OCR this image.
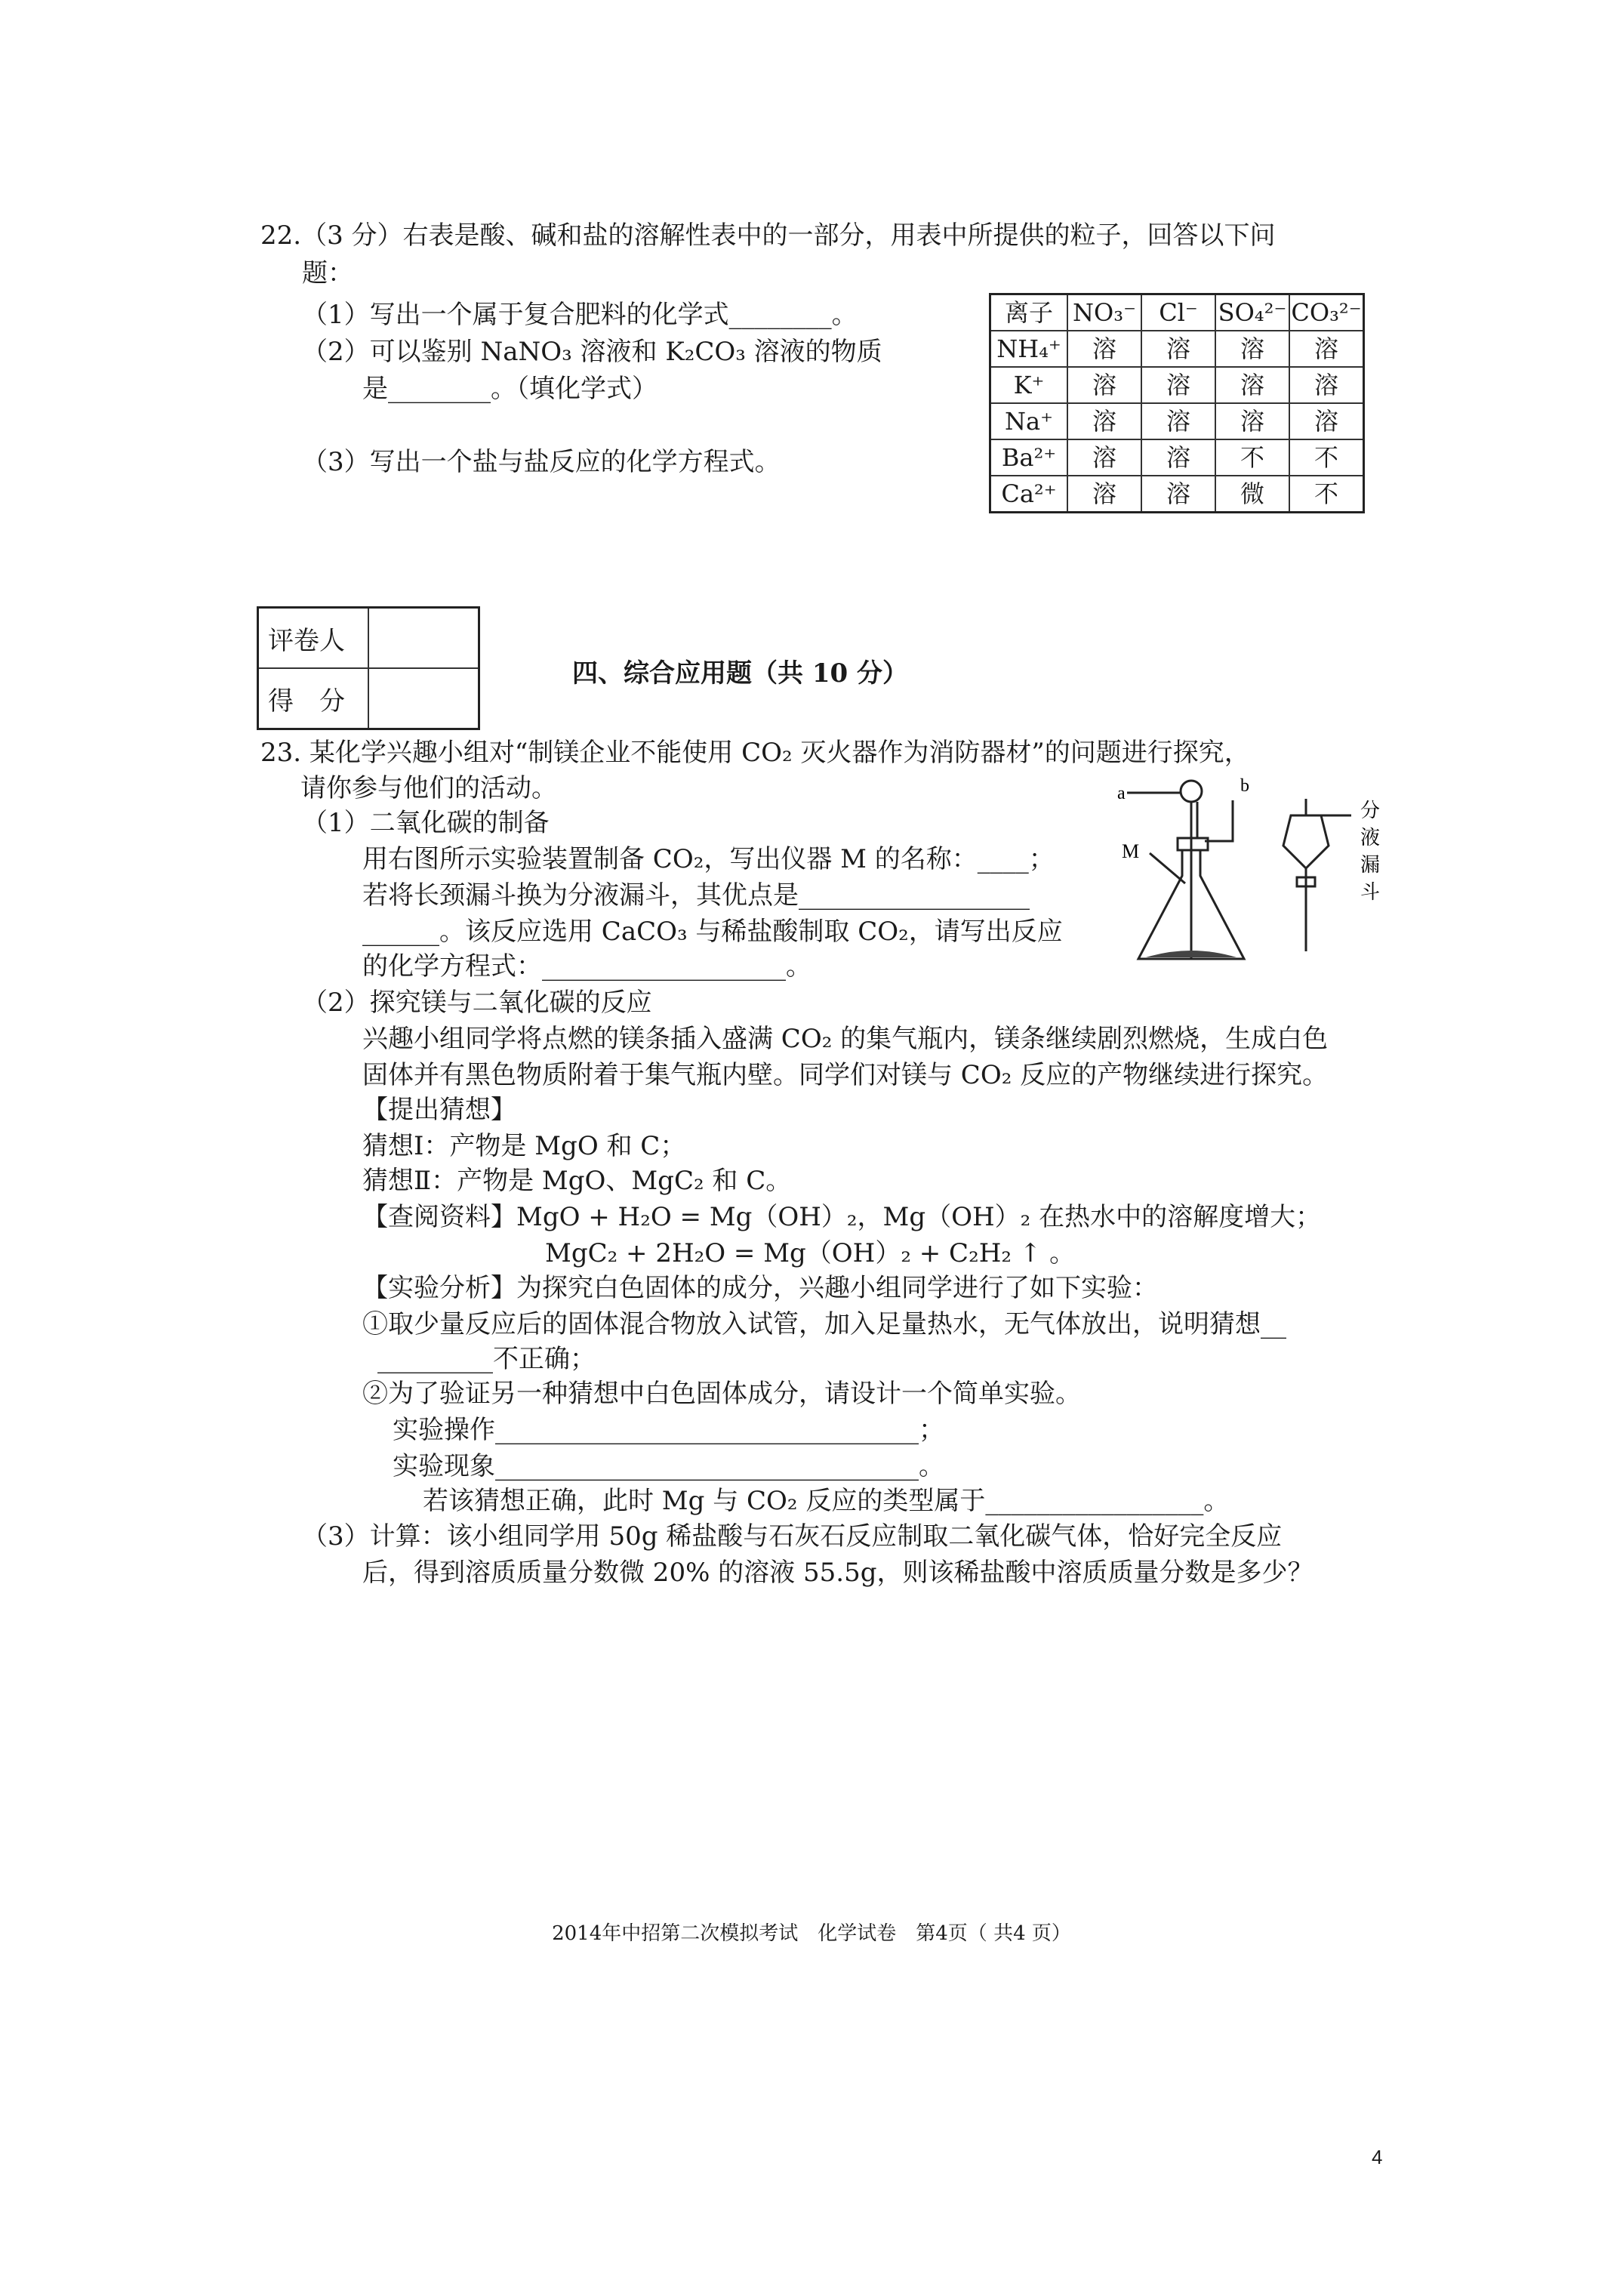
22.（3 分）右表是酸、碱和盐的溶解性表中的一部分，用表中所提供的粒子，回答以下问
题：
（1）写出一个属于复合肥料的化学式________。
（2）可以鉴别 NaNO₃ 溶液和 K₂CO₃ 溶液的物质
是________。（填化学式）
（3）写出一个盐与盐反应的化学方程式。
离子	NO₃⁻	Cl⁻	SO₄²⁻	CO₃²⁻
NH₄⁺	溶	溶	溶	溶
K⁺	溶	溶	溶	溶
Na⁺	溶	溶	溶	溶
Ba²⁺	溶	溶	不	不
Ca²⁺	溶	溶	微	不
评卷人	
得　分	
四、综合应用题（共 10 分）
23. 某化学兴趣小组对“制镁企业不能使用 CO₂ 灭火器作为消防器材”的问题进行探究，
请你参与他们的活动。
（1）二氧化碳的制备
用右图所示实验装置制备 CO₂，写出仪器 M 的名称：____；
若将长颈漏斗换为分液漏斗，其优点是__________________
______。该反应选用 CaCO₃ 与稀盐酸制取 CO₂，请写出反应
的化学方程式：___________________。
（2）探究镁与二氧化碳的反应
兴趣小组同学将点燃的镁条插入盛满 CO₂ 的集气瓶内，镁条继续剧烈燃烧，生成白色
固体并有黑色物质附着于集气瓶内壁。同学们对镁与 CO₂ 反应的产物继续进行探究。
【提出猜想】
猜想Ⅰ：产物是 MgO 和 C；
猜想Ⅱ：产物是 MgO、MgC₂ 和 C。
【查阅资料】MgO + H₂O = Mg（OH）₂，Mg（OH）₂ 在热水中的溶解度增大；
MgC₂ + 2H₂O = Mg（OH）₂ + C₂H₂ ↑ 。
【实验分析】为探究白色固体的成分，兴趣小组同学进行了如下实验：
①取少量反应后的固体混合物放入试管，加入足量热水，无气体放出，说明猜想__
_________不正确；
②为了验证另一种猜想中白色固体成分，请设计一个简单实验。
实验操作_________________________________；
实验现象_________________________________。
若该猜想正确，此时 Mg 与 CO₂ 反应的类型属于_________________。
（3）计算：该小组同学用 50g 稀盐酸与石灰石反应制取二氧化碳气体，恰好完全反应
后，得到溶质质量分数微 20% 的溶液 55.5g，则该稀盐酸中溶质质量分数是多少？
a	b
M
分
液
漏
斗
2014年中招第二次模拟考试　化学试卷　第4页（ 共4 页）
4
